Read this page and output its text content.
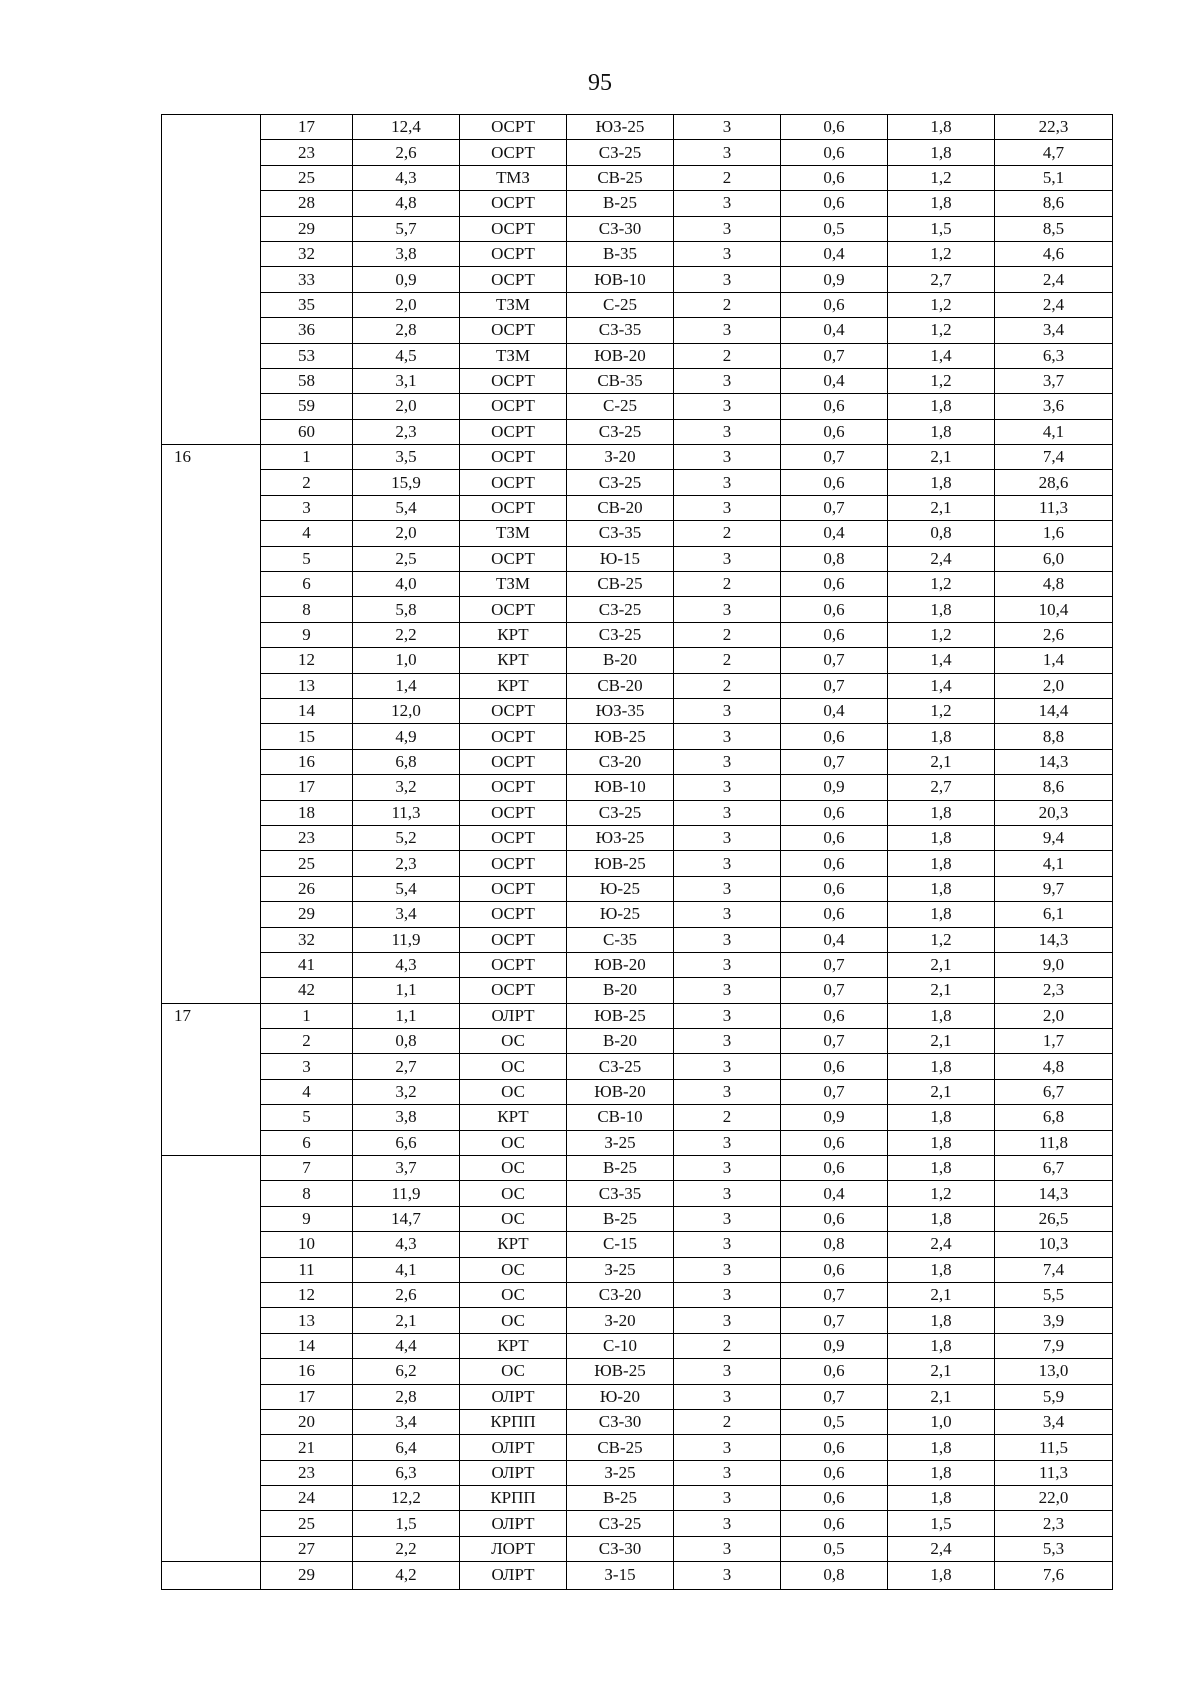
95
	17	12,4	ОСРТ	ЮЗ-25	3	0,6	1,8	22,3
	23	2,6	ОСРТ	СЗ-25	3	0,6	1,8	4,7
	25	4,3	ТМЗ	СВ-25	2	0,6	1,2	5,1
	28	4,8	ОСРТ	В-25	3	0,6	1,8	8,6
	29	5,7	ОСРТ	СЗ-30	3	0,5	1,5	8,5
	32	3,8	ОСРТ	В-35	3	0,4	1,2	4,6
	33	0,9	ОСРТ	ЮВ-10	3	0,9	2,7	2,4
	35	2,0	ТЗМ	С-25	2	0,6	1,2	2,4
	36	2,8	ОСРТ	СЗ-35	3	0,4	1,2	3,4
	53	4,5	ТЗМ	ЮВ-20	2	0,7	1,4	6,3
	58	3,1	ОСРТ	СВ-35	3	0,4	1,2	3,7
	59	2,0	ОСРТ	С-25	3	0,6	1,8	3,6
	60	2,3	ОСРТ	СЗ-25	3	0,6	1,8	4,1
16	1	3,5	ОСРТ	З-20	3	0,7	2,1	7,4
	2	15,9	ОСРТ	СЗ-25	3	0,6	1,8	28,6
	3	5,4	ОСРТ	СВ-20	3	0,7	2,1	11,3
	4	2,0	ТЗМ	СЗ-35	2	0,4	0,8	1,6
	5	2,5	ОСРТ	Ю-15	3	0,8	2,4	6,0
	6	4,0	ТЗМ	СВ-25	2	0,6	1,2	4,8
	8	5,8	ОСРТ	СЗ-25	3	0,6	1,8	10,4
	9	2,2	КРТ	СЗ-25	2	0,6	1,2	2,6
	12	1,0	КРТ	В-20	2	0,7	1,4	1,4
	13	1,4	КРТ	СВ-20	2	0,7	1,4	2,0
	14	12,0	ОСРТ	ЮЗ-35	3	0,4	1,2	14,4
	15	4,9	ОСРТ	ЮВ-25	3	0,6	1,8	8,8
	16	6,8	ОСРТ	СЗ-20	3	0,7	2,1	14,3
	17	3,2	ОСРТ	ЮВ-10	3	0,9	2,7	8,6
	18	11,3	ОСРТ	СЗ-25	3	0,6	1,8	20,3
	23	5,2	ОСРТ	ЮЗ-25	3	0,6	1,8	9,4
	25	2,3	ОСРТ	ЮВ-25	3	0,6	1,8	4,1
	26	5,4	ОСРТ	Ю-25	3	0,6	1,8	9,7
	29	3,4	ОСРТ	Ю-25	3	0,6	1,8	6,1
	32	11,9	ОСРТ	С-35	3	0,4	1,2	14,3
	41	4,3	ОСРТ	ЮВ-20	3	0,7	2,1	9,0
	42	1,1	ОСРТ	В-20	3	0,7	2,1	2,3
17	1	1,1	ОЛРТ	ЮВ-25	3	0,6	1,8	2,0
	2	0,8	ОС	В-20	3	0,7	2,1	1,7
	3	2,7	ОС	СЗ-25	3	0,6	1,8	4,8
	4	3,2	ОС	ЮВ-20	3	0,7	2,1	6,7
	5	3,8	КРТ	СВ-10	2	0,9	1,8	6,8
	6	6,6	ОС	З-25	3	0,6	1,8	11,8
	7	3,7	ОС	В-25	3	0,6	1,8	6,7
	8	11,9	ОС	СЗ-35	3	0,4	1,2	14,3
	9	14,7	ОС	В-25	3	0,6	1,8	26,5
	10	4,3	КРТ	С-15	3	0,8	2,4	10,3
	11	4,1	ОС	З-25	3	0,6	1,8	7,4
	12	2,6	ОС	СЗ-20	3	0,7	2,1	5,5
	13	2,1	ОС	З-20	3	0,7	1,8	3,9
	14	4,4	КРТ	С-10	2	0,9	1,8	7,9
	16	6,2	ОС	ЮВ-25	3	0,6	2,1	13,0
	17	2,8	ОЛРТ	Ю-20	3	0,7	2,1	5,9
	20	3,4	КРПП	СЗ-30	2	0,5	1,0	3,4
	21	6,4	ОЛРТ	СВ-25	3	0,6	1,8	11,5
	23	6,3	ОЛРТ	З-25	3	0,6	1,8	11,3
	24	12,2	КРПП	В-25	3	0,6	1,8	22,0
	25	1,5	ОЛРТ	СЗ-25	3	0,6	1,5	2,3
	27	2,2	ЛОРТ	СЗ-30	3	0,5	2,4	5,3
	29	4,2	ОЛРТ	З-15	3	0,8	1,8	7,6
